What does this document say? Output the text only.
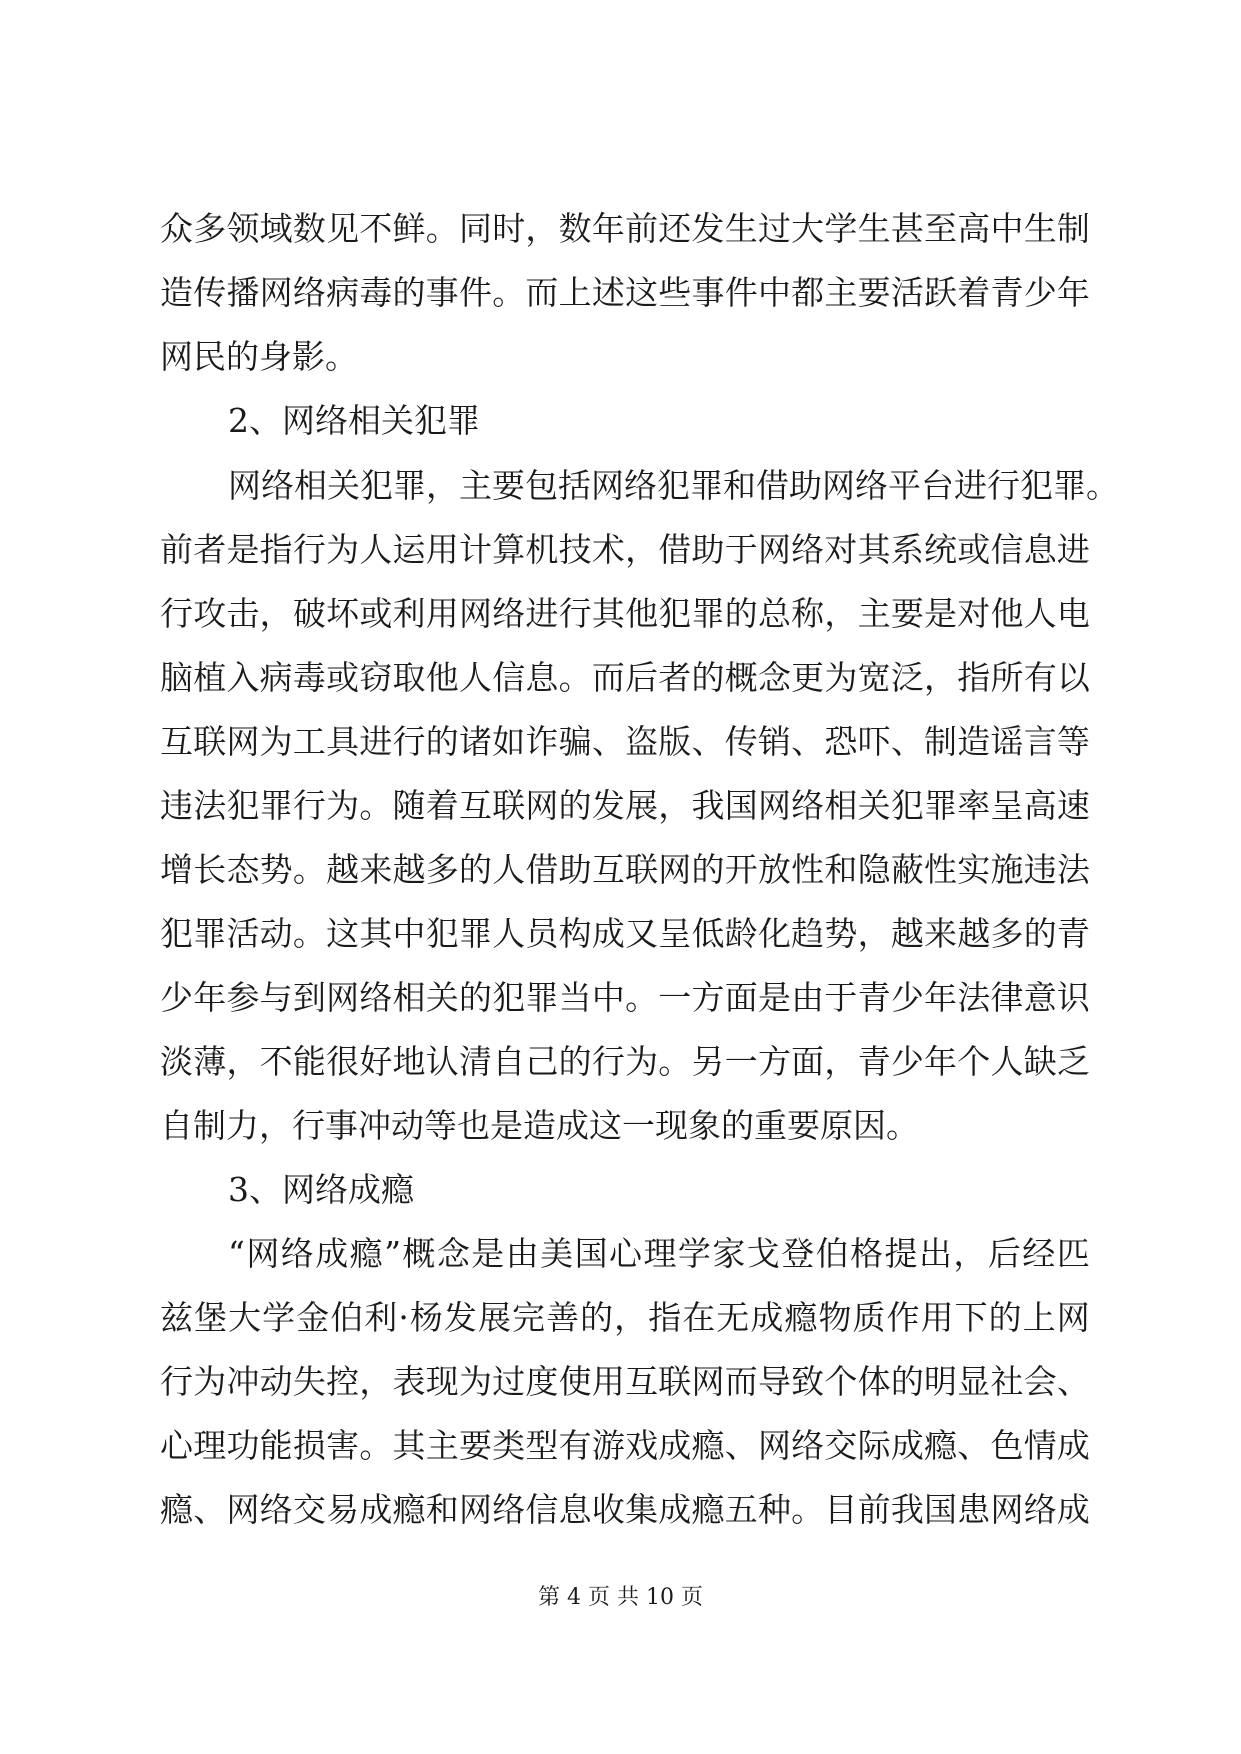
众 多 领 域 数 见 不 鲜 。 同 时 ， 数 年 前 还 发 生 过 大 学 生 甚 至 高 中 生 制
造 传 播 网 络 病 毒 的 事 件 。 而 上 述 这 些 事 件 中 都 主 要 活 跃 着 青 少 年
网民的身影。
2、网络相关犯罪
网 络 相 关 犯 罪 ， 主 要 包 括 网 络 犯 罪 和 借 助 网 络 平 台 进 行 犯 罪 。
前 者 是 指 行 为 人 运 用 计 算 机 技 术 ， 借 助 于 网 络 对 其 系 统 或 信 息 进
行 攻 击 ， 破 坏 或 利 用 网 络 进 行 其 他 犯 罪 的 总 称 ， 主 要 是 对 他 人 电
脑 植 入 病 毒 或 窃 取 他 人 信 息 。 而 后 者 的 概 念 更 为 宽 泛 ， 指 所 有 以
互 联 网 为 工 具 进 行 的 诸 如 诈 骗 、 盗 版 、 传 销 、 恐 吓 、 制 造 谣 言 等
违 法 犯 罪 行 为 。 随 着 互 联 网 的 发 展 ， 我 国 网 络 相 关 犯 罪 率 呈 高 速
增 长 态 势 。 越 来 越 多 的 人 借 助 互 联 网 的 开 放 性 和 隐 蔽 性 实 施 违 法
犯 罪 活 动 。 这 其 中 犯 罪 人 员 构 成 又 呈 低 龄 化 趋 势 ， 越 来 越 多 的 青
少 年 参 与 到 网 络 相 关 的 犯 罪 当 中 。 一 方 面 是 由 于 青 少 年 法 律 意 识
淡 薄 ， 不 能 很 好 地 认 清 自 己 的 行 为 。 另 一 方 面 ， 青 少 年 个 人 缺 乏
自制力，行事冲动等也是造成这一现象的重要原因。
3、网络成瘾
“ 网 络 成 瘾 ” 概 念 是 由 美 国 心 理 学 家 戈 登 伯 格 提 出 ， 后 经 匹
兹 堡 大 学 金 伯 利 · 杨 发 展 完 善 的 ， 指 在 无 成 瘾 物 质 作 用 下 的 上 网
行 为 冲 动 失 控 ， 表 现 为 过 度 使 用 互 联 网 而 导 致 个 体 的 明 显 社 会 、
心 理 功 能 损 害 。 其 主 要 类 型 有 游 戏 成 瘾 、 网 络 交 际 成 瘾 、 色 情 成
瘾 、 网 络 交 易 成 瘾 和 网 络 信 息 收 集 成 瘾 五 种 。 目 前 我 国 患 网 络 成
第 4 页 共 10 页
